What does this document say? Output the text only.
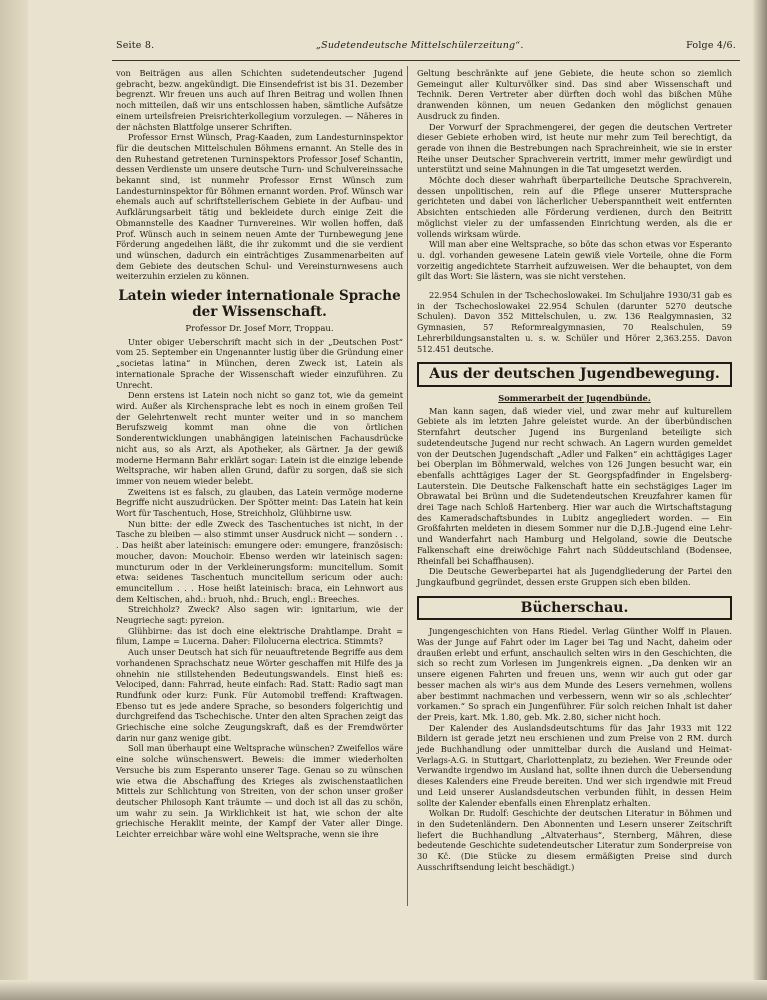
Seite 8.	„Sudetendeutsche Mittelschülerzeitung“.	Folge 4/6.

von Beiträgen aus allen Schichten sudetendeutscher Jugend gebracht, bezw. angekündigt. Die Einsendefrist ist bis 31. Dezember begrenzt. Wir freuen uns auch auf Ihren Beitrag und wollen Ihnen noch mitteilen, daß wir uns entschlossen haben, sämtliche Aufsätze einem urteilsfreien Preisrichterkollegium vorzulegen. — Näheres in der nächsten Blattfolge unserer Schriften.

Professor Ernst Wünsch, Prag-Kaaden, zum Landesturninspektor für die deutschen Mittelschulen Böhmens ernannt. An Stelle des in den Ruhestand getretenen Turninspektors Professor Josef Schantin, dessen Verdienste um unsere deutsche Turn- und Schulvereinssache bekannt sind, ist nunmehr Professor Ernst Wünsch zum Landesturninspektor für Böhmen ernannt worden. Prof. Wünsch war ehemals auch auf schriftstellerischem Gebiete in der Aufbau- und Aufklärungsarbeit tätig und bekleidete durch einige Zeit die Obmannstelle des Kaadner Turnvereines. Wir wollen hoffen, daß Prof. Wünsch auch in seinem neuen Amte der Turnbewegung jene Förderung angedeihen läßt, die ihr zukommt und die sie verdient und wünschen, dadurch ein einträchtiges Zusammenarbeiten auf dem Gebiete des deutschen Schul- und Vereinsturnwesens auch weiterzuhin erzielen zu können.

Latein wieder internationale Sprache der Wissenschaft.
Professor Dr. Josef Morr, Troppau.

Unter obiger Ueberschrift macht sich in der „Deutschen Post“ vom 25. September ein Ungenannter lustig über die Gründung einer „societas latina“ in München, deren Zweck ist, Latein als internationale Sprache der Wissenschaft wieder einzuführen. Zu Unrecht.

Denn erstens ist Latein noch nicht so ganz tot, wie da gemeint wird. Außer als Kirchensprache lebt es noch in einem großen Teil der Gelehrtenwelt recht munter weiter und in so manchem Berufszweig kommt man ohne die von örtlichen Sonderentwicklungen unabhängigen lateinischen Fachausdrücke nicht aus, so als Arzt, als Apotheker, als Gärtner. Ja der gewiß moderne Hermann Bahr erklärt sogar: Latein ist die einzige lebende Weltsprache, wir haben allen Grund, dafür zu sorgen, daß sie sich immer von neuem wieder belebt.

Zweitens ist es falsch, zu glauben, das Latein vermöge moderne Begriffe nicht auszudrücken. Der Spötter meint: Das Latein hat kein Wort für Taschentuch, Hose, Streichholz, Glühbirne usw.

Nun bitte: der edle Zweck des Taschentuches ist nicht, in der Tasche zu bleiben — also stimmt unser Ausdruck nicht — sondern . . . Das heißt aber lateinisch: emungere oder: emungere, französisch: moucher, davon: Mouchoir. Ebenso werden wir lateinisch sagen: muncturum oder in der Verkleinerungsform: muncitellum. Somit etwa: seidenes Taschentuch muncitellum sericum oder auch: emuncitellum . . . Hose heißt lateinisch: braca, ein Lehnwort aus dem Keltischen, ahd.: bruoh, nhd.: Bruch, engl.: Breeches.

Streichholz? Zweck? Also sagen wir: ignitarium, wie der Neugrieche sagt: pyreion.

Glühbirne: das ist doch eine elektrische Drahtlampe. Draht = filum, Lampe = Lucerna. Daher: Filolucerna electrica. Stimmts?

Auch unser Deutsch hat sich für neuauftretende Begriffe aus dem vorhandenen Sprachschatz neue Wörter geschaffen mit Hilfe des ja ohnehin nie stillstehenden Bedeutungswandels. Einst hieß es: Velociped, dann: Fahrrad, heute einfach: Rad. Statt: Radio sagt man Rundfunk oder kurz: Funk. Für Automobil treffend: Kraftwagen. Ebenso tut es jede andere Sprache, so besonders folgerichtig und durchgreifend das Tschechische. Unter den alten Sprachen zeigt das Griechische eine solche Zeugungskraft, daß es der Fremdwörter darin nur ganz wenige gibt.

Soll man überhaupt eine Weltsprache wünschen? Zweifellos wäre eine solche wünschenswert. Beweis: die immer wiederholten Versuche bis zum Esperanto unserer Tage. Genau so zu wünschen wie etwa die Abschaffung des Krieges als zwischenstaatlichen Mittels zur Schlichtung von Streiten, von der schon unser großer deutscher Philosoph Kant träumte — und doch ist all das zu schön, um wahr zu sein. Ja Wirklichkeit ist hat, wie schon der alte griechische Heraklit meinte, der Kampf der Vater aller Dinge. Leichter erreichbar wäre wohl eine Weltsprache, wenn sie ihre

Geltung beschränkte auf jene Gebiete, die heute schon so ziemlich Gemeingut aller Kulturvölker sind. Das sind aber Wissenschaft und Technik. Deren Vertreter aber dürften doch wohl das bißchen Mühe dranwenden können, um neuen Gedanken den möglichst genauen Ausdruck zu finden.

Der Vorwurf der Sprachmengerei, der gegen die deutschen Vertreter dieser Gebiete erhoben wird, ist heute nur mehr zum Teil berechtigt, da gerade von ihnen die Bestrebungen nach Sprachreinheit, wie sie in erster Reihe unser Deutscher Sprachverein vertritt, immer mehr gewürdigt und unterstützt und seine Mahnungen in die Tat umgesetzt werden.

Möchte doch dieser wahrhaft überparteiliche Deutsche Sprachverein, dessen unpolitischen, rein auf die Pflege unserer Muttersprache gerichteten und dabei von lächerlicher Ueberspanntheit weit entfernten Absichten entschieden alle Förderung verdienen, durch den Beitritt möglichst vieler zu der umfassenden Einrichtung werden, als die er vollends wirksam würde.

Will man aber eine Weltsprache, so böte das schon etwas vor Esperanto u. dgl. vorhanden gewesene Latein gewiß viele Vorteile, ohne die Form vorzeitig angedichtete Starrheit aufzuweisen. Wer die behauptet, von dem gilt das Wort: Sie lästern, was sie nicht verstehen.

22.954 Schulen in der Tschechoslowakei. Im Schuljahre 1930/31 gab es in der Tschechoslowakei 22.954 Schulen (darunter 5270 deutsche Schulen). Davon 352 Mittelschulen, u. zw. 136 Realgymnasien, 32 Gymnasien, 57 Reformrealgymnasien, 70 Realschulen, 59 Lehrerbildungsanstalten u. s. w. Schüler und Hörer 2,363.255. Davon 512.451 deutsche.

Aus der deutschen Jugendbewegung.
Sommerarbeit der Jugendbünde.

Man kann sagen, daß wieder viel, und zwar mehr auf kulturellem Gebiete als im letzten Jahre geleistet wurde. An der überbündischen Sternfahrt deutscher Jugend ins Burgenland beteiligte sich sudetendeutsche Jugend nur recht schwach. An Lagern wurden gemeldet von der Deutschen Jugendschaft „Adler und Falken“ ein achttägiges Lager bei Oberplan im Böhmerwald, welches von 126 Jungen besucht war, ein ebenfalls achttägiges Lager der St. Georgspfadfinder in Engelsberg-Lauterstein. Die Deutsche Falkenschaft hatte ein sechstägiges Lager im Obrawatal bei Brünn und die Sudetendeutschen Kreuzfahrer kamen für drei Tage nach Schloß Hartenberg. Hier war auch die Wirtschaftstagung des Kameradschaftsbundes in Lubitz angegliedert worden. — Ein Großfahrten meldeten in diesem Sommer nur die D.J.B.-Jugend eine Lehr- und Wanderfahrt nach Hamburg und Helgoland, sowie die Deutsche Falkenschaft eine dreiwöchige Fahrt nach Süddeutschland (Bodensee, Rheinfall bei Schaffhausen).

Die Deutsche Gewerbepartei hat als Jugendgliederung der Partei den Jungkaufbund gegründet, dessen erste Gruppen sich eben bilden.

Bücherschau.

Jungengeschichten von Hans Riedel. Verlag Günther Wolff in Plauen. Was der Junge auf Fahrt oder im Lager bei Tag und Nacht, daheim oder draußen erlebt und erfunt, anschaulich selten wirs in den Geschichten, die sich so recht zum Vorlesen im Jungenkreis eignen. „Da denken wir an unsere eigenen Fahrten und freuen uns, wenn wir auch gut oder gar besser machen als wir's aus dem Munde des Lesers vernehmen, wollens aber bestimmt nachmachen und verbessern, wenn wir so als ‚schlechter‘ vorkamen.“ So sprach ein Jungenführer. Für solch reichen Inhalt ist daher der Preis, kart. Mk. 1.80, geb. Mk. 2.80, sicher nicht hoch.

Der Kalender des Auslandsdeutschtums für das Jahr 1933 mit 122 Bildern ist gerade jetzt neu erschienen und zum Preise von 2 RM. durch jede Buchhandlung oder unmittelbar durch die Ausland und Heimat-Verlags-A.G. in Stuttgart, Charlottenplatz, zu beziehen. Wer Freunde oder Verwandte irgendwo im Ausland hat, sollte ihnen durch die Uebersendung dieses Kalenders eine Freude bereiten. Und wer sich irgendwie mit Freud und Leid unserer Auslandsdeutschen verbunden fühlt, in dessen Heim sollte der Kalender ebenfalls einen Ehrenplatz erhalten.

Wolkan Dr. Rudolf: Geschichte der deutschen Literatur in Böhmen und in den Sudetenländern. Den Abonnenten und Lesern unserer Zeitschrift liefert die Buchhandlung „Altvaterhaus“, Sternberg, Mähren, diese bedeutende Geschichte sudetendeutscher Literatur zum Sonderpreise von 30 Kč. (Die Stücke zu diesem ermäßigten Preise sind durch Ausschriftsendung leicht beschädigt.)
